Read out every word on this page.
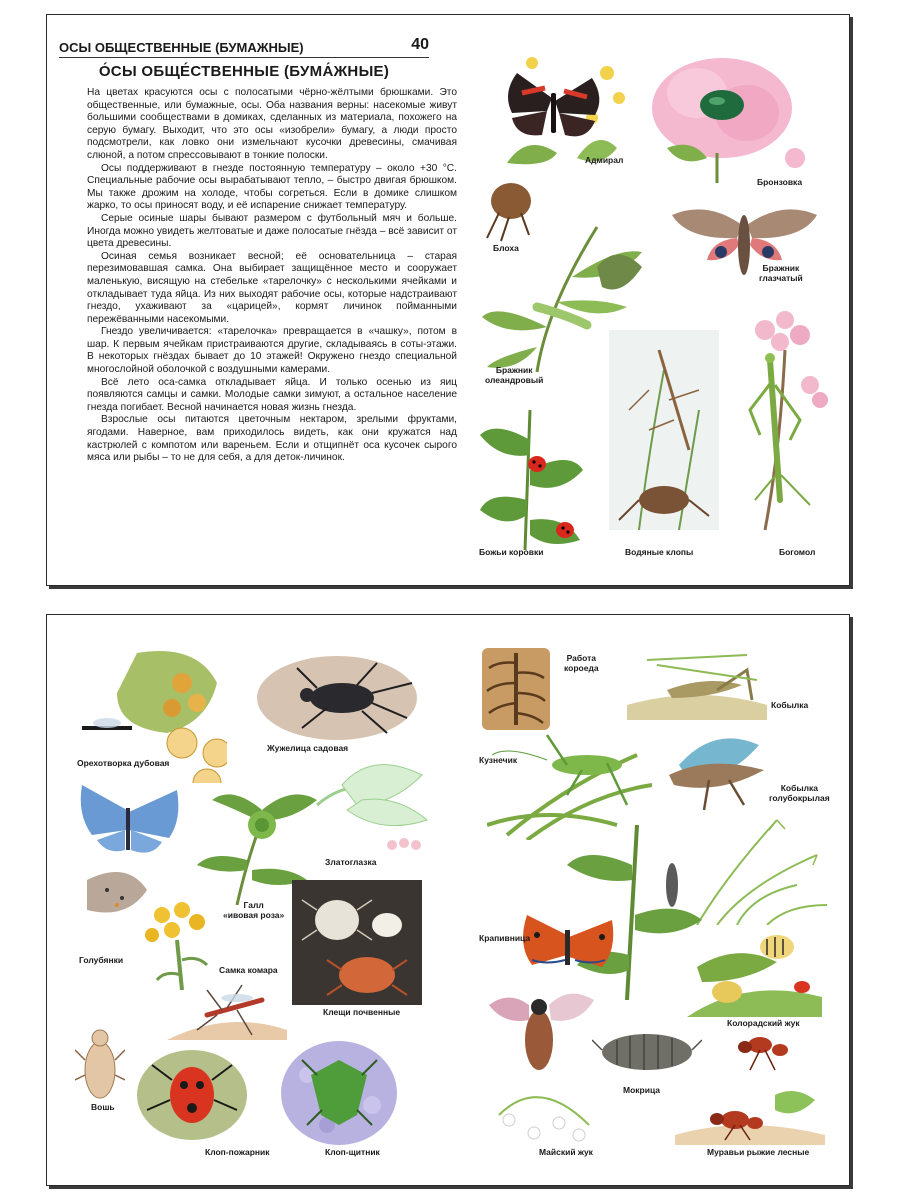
ОСЫ ОБЩЕСТВЕННЫЕ (БУМАЖНЫЕ)	40
О́СЫ ОБЩЕ́СТВЕННЫЕ (БУМА́ЖНЫЕ)

На цветах красуются осы с полосатыми чёрно-жёлтыми брюшками. Это общественные, или бумажные, осы. Оба названия верны: насекомые живут большими сообществами в домиках, сделанных из материала, похожего на серую бумагу. Выходит, что это осы «изобрели» бумагу, а люди просто подсмотрели, как ловко они измельчают кусочки древесины, смачивая слюной, а потом спрессовывают в тонкие полоски.

Осы поддерживают в гнезде постоянную температуру – около +30 °С. Специальные рабочие осы вырабатывают тепло, – быстро двигая брюшком. Мы также дрожим на холоде, чтобы согреться. Если в домике слишком жарко, то осы приносят воду, и её испарение снижает температуру.

Серые осиные шары бывают размером с футбольный мяч и больше. Иногда можно увидеть желтоватые и даже полосатые гнёзда – всё зависит от цвета древесины.

Осиная семья возникает весной; её основательница – старая перезимовавшая самка. Она выбирает защищённое место и сооружает маленькую, висящую на стебельке «тарелочку» с несколькими ячейками и откладывает туда яйца. Из них выходят рабочие осы, которые надстраивают гнездо, ухаживают за «царицей», кормят личинок пойманными пережёванными насекомыми.

Гнездо увеличивается: «тарелочка» превращается в «чашку», потом в шар. К первым ячейкам пристраиваются другие, складываясь в соты-этажи. В некоторых гнёздах бывает до 10 этажей! Окружено гнездо специальной многослойной оболочкой с воздушными камерами.

Всё лето оса-самка откладывает яйца. И только осенью из яиц появляются самцы и самки. Молодые самки зимуют, а остальное население гнезда погибает. Весной начинается новая жизнь гнезда.

Взрослые осы питаются цветочным нектаром, зрелыми фруктами, ягодами. Наверное, вам приходилось видеть, как они кружатся над кастрюлей с компотом или вареньем. Если и отщипнёт оса кусочек сырого мяса или рыбы – то не для себя, а для деток-личинок.

Адмирал
Бронзовка
Блоха
Бражник
глазчатый
Бражник
олеандровый
Божьи коровки	Водяные клопы	Богомол
Орехотворка дубовая
Жужелица садовая
Голубянки
Галл
«ивовая роза»
Златоглазка
Клещи почвенные
Самка комара
Вошь
Клоп-пожарник	Клоп-щитник
Работа
короеда
Кобылка
Кузнечик
Кобылка
голубокрылая
Крапивница
Колорадский жук
Майский жук
Мокрица
Муравьи рыжие лесные
